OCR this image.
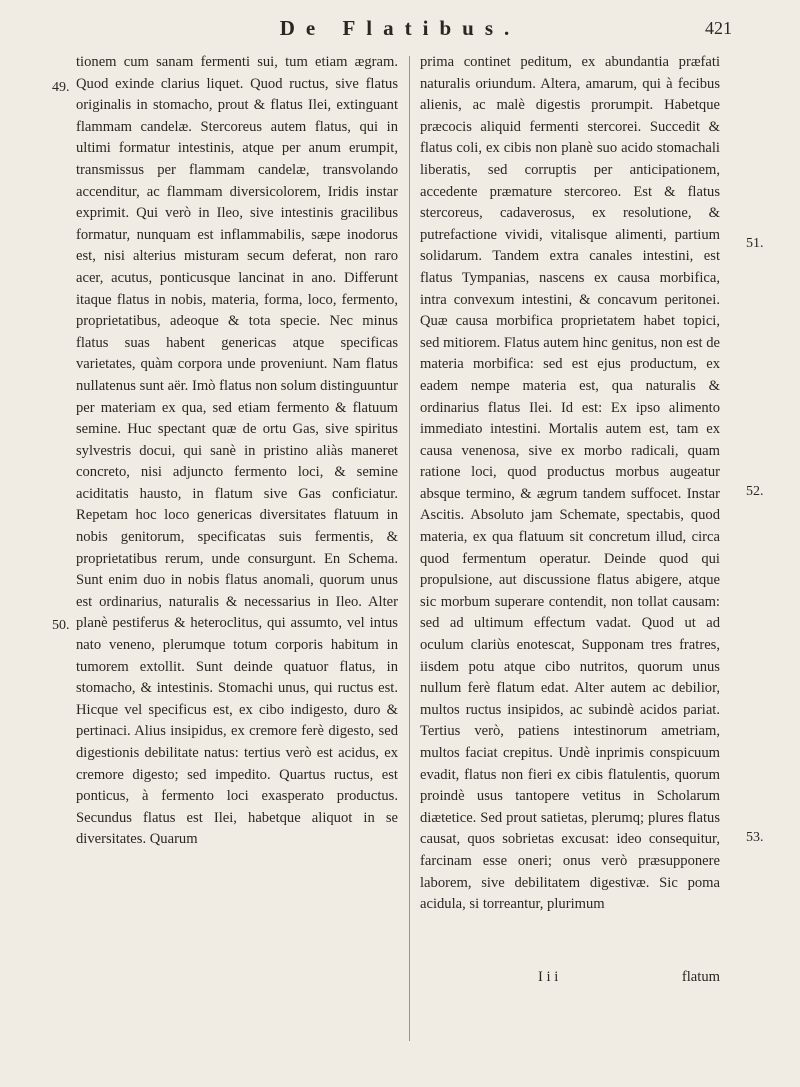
De Flatibus.	421

tionem cum sanam fermenti sui, tum etiam ægram. Quod exinde clarius liquet. Quod ructus, sive flatus originalis in stomacho, prout & flatus Ilei, extinguant flammam candelæ. Stercoreus autem flatus, qui in ultimi formatur intestinis, atque per anum erumpit, transmissus per flammam candelæ, transvolando accenditur, ac flammam diversicolorem, Iridis instar exprimit. Qui verò in Ileo, sive intestinis gracilibus formatur, nunquam est inflammabilis, sæpe inodorus est, nisi alterius misturam secum deferat, non raro acer, acutus, ponticusque lancinat in ano. Differunt itaque flatus in nobis, materia, forma, loco, fermento, proprietatibus, adeoque & tota specie. Nec minus flatus suas habent genericas atque specificas varietates, quàm corpora unde proveniunt. Nam flatus nullatenus sunt aër. Imò flatus non solum distinguuntur per materiam ex qua, sed etiam fermento & flatuum semine. Huc spectant quæ de ortu Gas, sive spiritus sylvestris docui, qui sanè in pristino aliàs maneret concreto, nisi adjuncto fermento loci, & semine aciditatis hausto, in flatum sive Gas conficiatur. Repetam hoc loco genericas diversitates flatuum in nobis genitorum, specificatas suis fermentis, & proprietatibus rerum, unde consurgunt. En Schema. Sunt enim duo in nobis flatus anomali, quorum unus est ordinarius, naturalis & necessarius in Ileo. Alter planè pestiferus & heteroclitus, qui assumto, vel intus nato veneno, plerumque totum corporis habitum in tumorem extollit. Sunt deinde quatuor flatus, in stomacho, & intestinis. Stomachi unus, qui ructus est. Hicque vel specificus est, ex cibo indigesto, duro & pertinaci. Alius insipidus, ex cremore ferè digesto, sed digestionis debilitate natus: tertius verò est acidus, ex cremore digesto; sed impedito. Quartus ructus, est ponticus, à fermento loci exasperato productus. Secundus flatus est Ilei, habetque aliquot in se diversitates. Quarum

prima continet peditum, ex abundantia præfati naturalis oriundum. Altera, amarum, qui à fecibus alienis, ac malè digestis prorumpit. Habetque præcocis aliquid fermenti stercorei. Succedit & flatus coli, ex cibis non planè suo acido stomachali liberatis, sed corruptis per anticipationem, accedente præmature stercoreo. Est & flatus stercoreus, cadaverosus, ex resolutione, & putrefactione vividi, vitalisque alimenti, partium solidarum. Tandem extra canales intestini, est flatus Tympanias, nascens ex causa morbifica, intra convexum intestini, & concavum peritonei. Quæ causa morbifica proprietatem habet topici, sed mitiorem. Flatus autem hinc genitus, non est de materia morbifica: sed est ejus productum, ex eadem nempe materia est, qua naturalis & ordinarius flatus Ilei. Id est: Ex ipso alimento immediato intestini. Mortalis autem est, tam ex causa venenosa, sive ex morbo radicali, quam ratione loci, quod productus morbus augeatur absque termino, & ægrum tandem suffocet. Instar Ascitis. Absoluto jam Schemate, spectabis, quod materia, ex qua flatuum sit concretum illud, circa quod fermentum operatur. Deinde quod qui propulsione, aut discussione flatus abigere, atque sic morbum superare contendit, non tollat causam: sed ad ultimum effectum vadat. Quod ut ad oculum clariùs enotescat, Supponam tres fratres, iisdem potu atque cibo nutritos, quorum unus nullum ferè flatum edat. Alter autem ac debilior, multos ructus insipidos, ac subindè acidos pariat. Tertius verò, patiens intestinorum ametriam, multos faciat crepitus. Undè inprimis conspicuum evadit, flatus non fieri ex cibis flatulentis, quorum proindè usus tantopere vetitus in Scholarum diætetice. Sed prout satietas, plerumq; plures flatus causat, quos sobrietas excusat: ideo consequitur, farcinam esse oneri; onus verò præsupponere laborem, sive debilitatem digestivæ. Sic poma acidula, si torreantur, plurimum

I i i	flatum
49.
50.
51.
52.
53.
